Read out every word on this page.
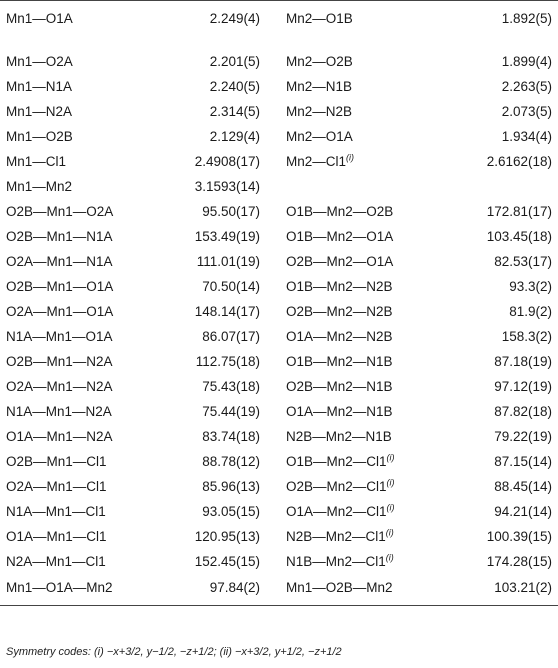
Mn1—O1A	2.249(4)	Mn2—O1B	1.892(5)
Mn1—O2A	2.201(5)	Mn2—O2B	1.899(4)
Mn1—N1A	2.240(5)	Mn2—N1B	2.263(5)
Mn1—N2A	2.314(5)	Mn2—N2B	2.073(5)
Mn1—O2B	2.129(4)	Mn2—O1A	1.934(4)
Mn1—Cl1	2.4908(17)	Mn2—Cl1$^{(i)}$	2.6162(18)
Mn1—Mn2	3.1593(14)		
O2B—Mn1—O2A	95.50(17)	O1B—Mn2—O2B	172.81(17)
O2B—Mn1—N1A	153.49(19)	O1B—Mn2—O1A	103.45(18)
O2A—Mn1—N1A	111.01(19)	O2B—Mn2—O1A	82.53(17)
O2B—Mn1—O1A	70.50(14)	O1B—Mn2—N2B	93.3(2)
O2A—Mn1—O1A	148.14(17)	O2B—Mn2—N2B	81.9(2)
N1A—Mn1—O1A	86.07(17)	O1A—Mn2—N2B	158.3(2)
O2B—Mn1—N2A	112.75(18)	O1B—Mn2—N1B	87.18(19)
O2A—Mn1—N2A	75.43(18)	O2B—Mn2—N1B	97.12(19)
N1A—Mn1—N2A	75.44(19)	O1A—Mn2—N1B	87.82(18)
O1A—Mn1—N2A	83.74(18)	N2B—Mn2—N1B	79.22(19)
O2B—Mn1—Cl1	88.78(12)	O1B—Mn2—Cl1$^{(i)}$	87.15(14)
O2A—Mn1—Cl1	85.96(13)	O2B—Mn2—Cl1$^{(i)}$	88.45(14)
N1A—Mn1—Cl1	93.05(15)	O1A—Mn2—Cl1$^{(i)}$	94.21(14)
O1A—Mn1—Cl1	120.95(13)	N2B—Mn2—Cl1$^{(i)}$	100.39(15)
N2A—Mn1—Cl1	152.45(15)	N1B—Mn2—Cl1$^{(i)}$	174.28(15)
Mn1—O1A—Mn2	97.84(2)	Mn1—O2B—Mn2	103.21(2)
Symmetry codes: (i) −x+3/2, y−1/2, −z+1/2; (ii) −x+3/2, y+1/2, −z+1/2
